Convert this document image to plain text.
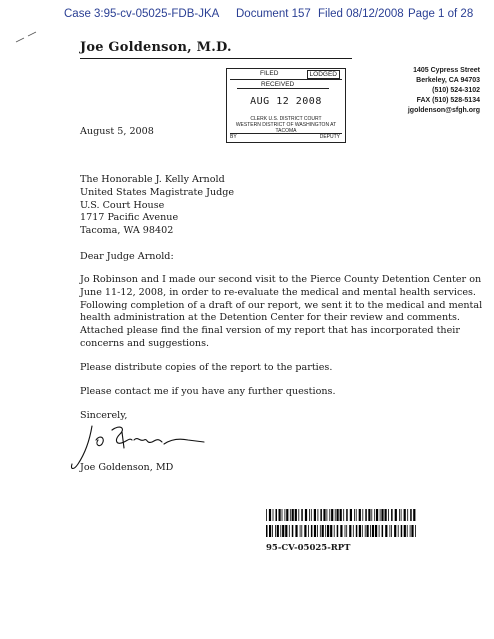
Case 3:95-cv-05025-FDB-JKA Document 157 Filed 08/12/2008 Page 1 of 28
Joe Goldenson, M.D.
1405 Cypress Street
Berkeley, CA 94703
(510) 524-3102
FAX (510) 528-5134
jgoldenson@sfgh.org
FILED	LODGED
RECEIVED
AUG 12 2008
CLERK U.S. DISTRICT COURT
WESTERN DISTRICT OF WASHINGTON AT TACOMA
BY	DEPUTY
August 5, 2008
The Honorable J. Kelly Arnold
United States Magistrate Judge
U.S. Court House
1717 Pacific Avenue
Tacoma, WA 98402
Dear Judge Arnold:
Jo Robinson and I made our second visit to the Pierce County Detention Center on
June 11-12, 2008, in order to re-evaluate the medical and mental health services.
Following completion of a draft of our report, we sent it to the medical and mental
health administration at the Detention Center for their review and comments.
Attached please find the final version of my report that has incorporated their
concerns and suggestions.
Please distribute copies of the report to the parties.
Please contact me if you have any further questions.
Sincerely,
Joe Goldenson, MD
95-CV-05025-RPT
